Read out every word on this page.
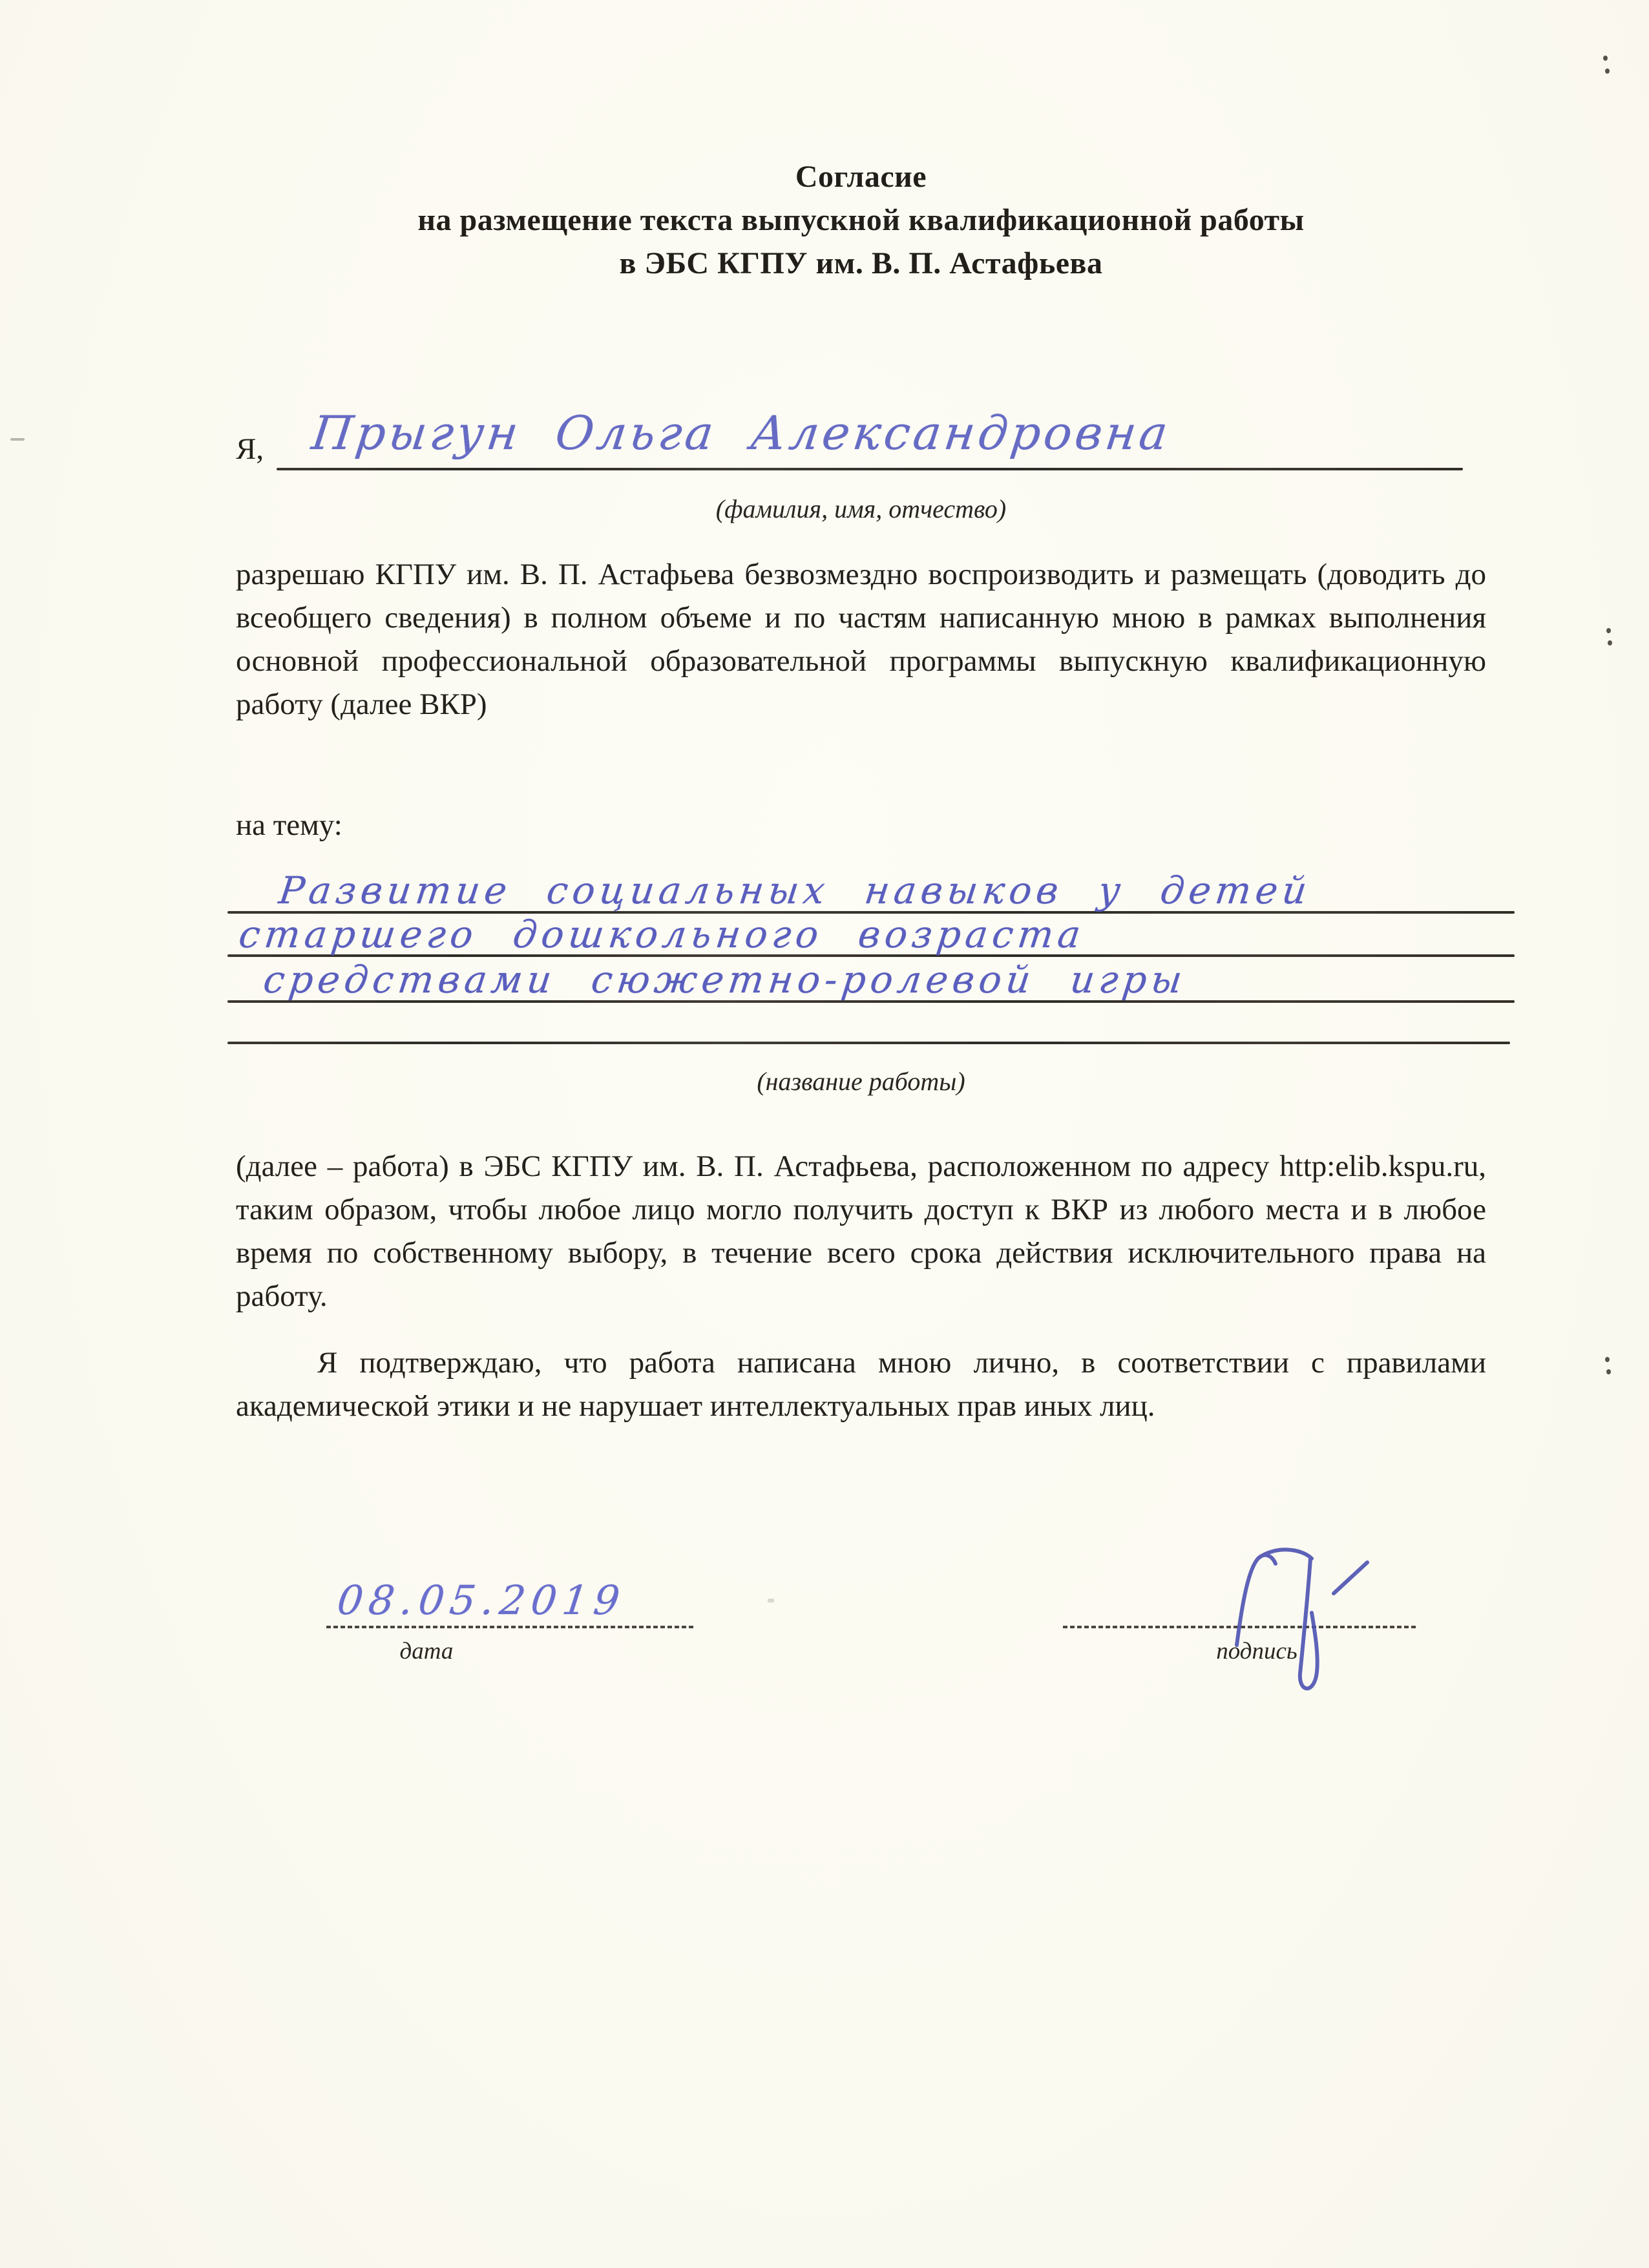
Согласие
на размещение текста выпускной квалификационной работы
в ЭБС КГПУ им. В. П. Астафьева
Я, Прыгун Ольга Александровна
(фамилия, имя, отчество)
разрешаю КГПУ им. В. П. Астафьева безвозмездно воспроизводить и размещать (доводить до всеобщего сведения) в полном объеме и по частям написанную мною в рамках выполнения основной профессиональной образовательной программы выпускную квалификационную работу (далее ВКР)
на тему:
Развитие социальных навыков у детей
старшего дошкольного возраста
средствами сюжетно-ролевой игры
(название работы)
(далее – работа) в ЭБС КГПУ им. В. П. Астафьева, расположенном по адресу http:elib.kspu.ru, таким образом, чтобы любое лицо могло получить доступ к ВКР из любого места и в любое время по собственному выбору, в течение всего срока действия исключительного права на работу.
Я подтверждаю, что работа написана мною лично, в соответствии с правилами академической этики и не нарушает интеллектуальных прав иных лиц.
08.05.2019
дата	подпись
